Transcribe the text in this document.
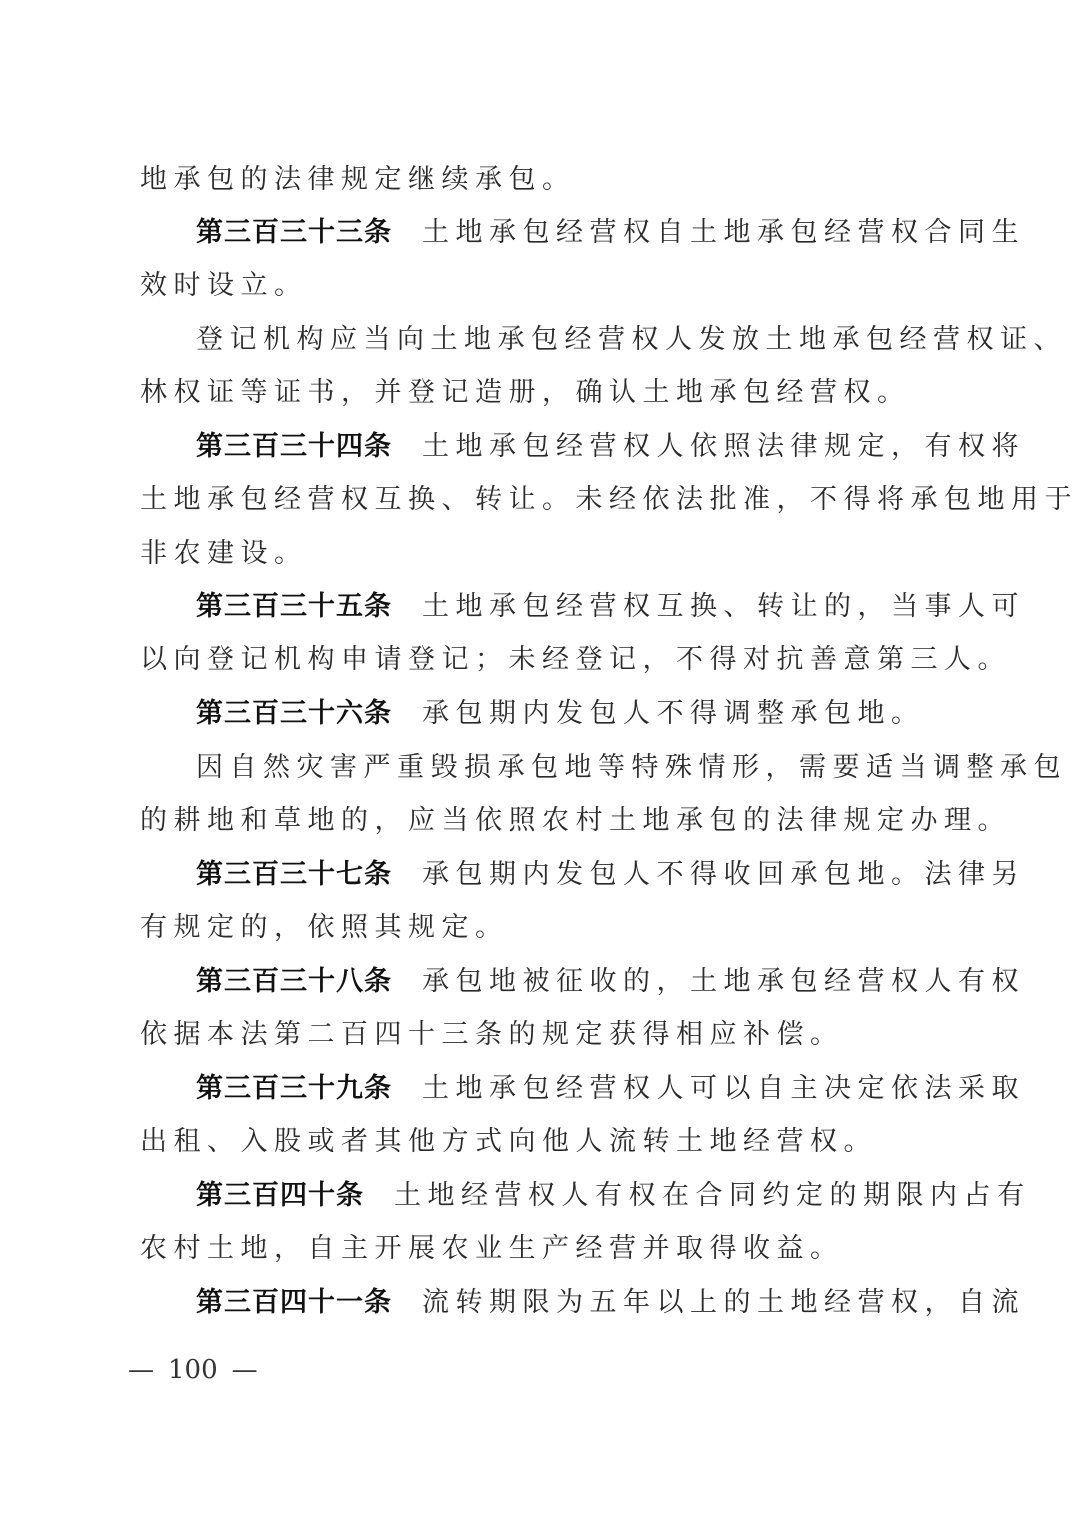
地承包的法律规定继续承包。
第三百三十三条 土地承包经营权自土地承包经营权合同生
效时设立。
登记机构应当向土地承包经营权人发放土地承包经营权证、
林权证等证书，并登记造册，确认土地承包经营权。
第三百三十四条 土地承包经营权人依照法律规定，有权将
土地承包经营权互换、转让。未经依法批准，不得将承包地用于
非农建设。
第三百三十五条 土地承包经营权互换、转让的，当事人可
以向登记机构申请登记；未经登记，不得对抗善意第三人。
第三百三十六条 承包期内发包人不得调整承包地。
因自然灾害严重毁损承包地等特殊情形，需要适当调整承包
的耕地和草地的，应当依照农村土地承包的法律规定办理。
第三百三十七条 承包期内发包人不得收回承包地。法律另
有规定的，依照其规定。
第三百三十八条 承包地被征收的，土地承包经营权人有权
依据本法第二百四十三条的规定获得相应补偿。
第三百三十九条 土地承包经营权人可以自主决定依法采取
出租、入股或者其他方式向他人流转土地经营权。
第三百四十条 土地经营权人有权在合同约定的期限内占有
农村土地，自主开展农业生产经营并取得收益。
第三百四十一条 流转期限为五年以上的土地经营权，自流
— 100 —
